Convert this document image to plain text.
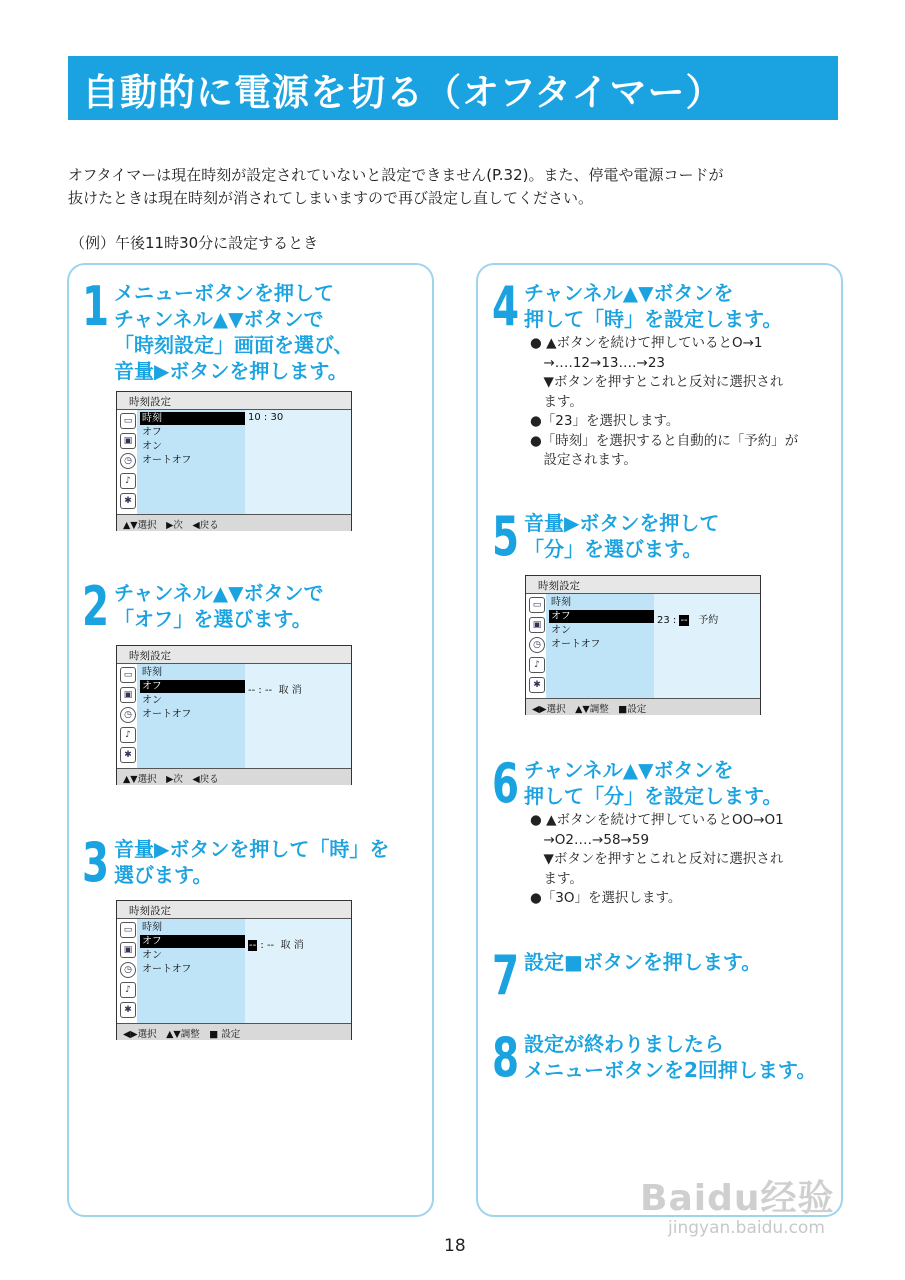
自動的に電源を切る（オフタイマー）
オフタイマーは現在時刻が設定されていないと設定できません(P.32)。また、停電や電源コードが
抜けたときは現在時刻が消されてしまいますので再び設定し直してください。
（例）午後11時30分に設定するとき
1 メニューボタンを押して
チャンネル▲▼ボタンで
「時刻設定」画面を選び、
音量▶ボタンを押します。
時刻設定
▭
▣
◷
♪
✱
時刻
オフ
オン
オートオフ
10 : 30
▲▼選択　▶次　◀戻る
2 チャンネル▲▼ボタンで
「オフ」を選びます。
時刻設定
▭
▣
◷
♪
✱
時刻
オフ
オン
オートオフ
-- : --  取 消
▲▼選択　▶次　◀戻る
3 音量▶ボタンを押して「時」を
選びます。
時刻設定
▭
▣
◷
♪
✱
時刻
オフ
オン
オートオフ
-- : --  取 消
◀▶選択　▲▼調整　■ 設定
4 チャンネル▲▼ボタンを
押して「時」を設定します。
● ▲ボタンを続けて押しているとO→1
　→‥‥12→13‥‥→23
　▼ボタンを押すとこれと反対に選択され
　ます。
●「23」を選択します。
●「時刻」を選択すると自動的に「予約」が
　設定されます。
5 音量▶ボタンを押して
「分」を選びます。
時刻設定
▭
▣
◷
♪
✱
時刻
オフ
オン
オートオフ
23 : --   予約
◀▶選択　▲▼調整　■設定
6 チャンネル▲▼ボタンを
押して「分」を設定します。
● ▲ボタンを続けて押しているとOO→O1
　→O2‥‥→58→59
　▼ボタンを押すとこれと反対に選択され
　ます。
●「3O」を選択します。
7 設定■ボタンを押します。
8 設定が終わりましたら
メニューボタンを2回押します。
18
Baidu经验
jingyan.baidu.com
